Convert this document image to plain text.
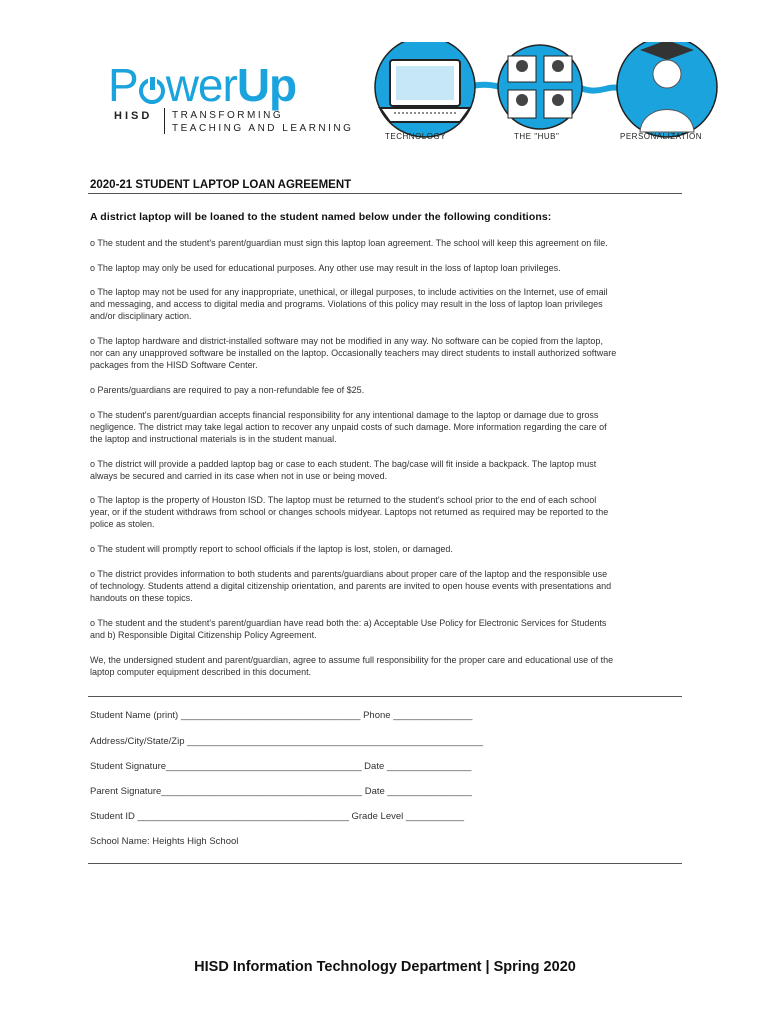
P werUp
HISD TRANSFORMING
TEACHING AND LEARNING
TECHNOLOGY	THE "HUB"	PERSONALIZATION
2020-21 STUDENT LAPTOP LOAN AGREEMENT
A district laptop will be loaned to the student named below under the following conditions:
o The student and the student's parent/guardian must sign this laptop loan agreement. The school will keep this agreement on file.
o The laptop may only be used for educational purposes. Any other use may result in the loss of laptop loan privileges.
o The laptop may not be used for any inappropriate, unethical, or illegal purposes, to include activities on the Internet, use of email
and messaging, and access to digital media and programs. Violations of this policy may result in the loss of laptop loan privileges
and/or disciplinary action.
o The laptop hardware and district-installed software may not be modified in any way. No software can be copied from the laptop,
nor can any unapproved software be installed on the laptop. Occasionally teachers may direct students to install authorized software
packages from the HISD Software Center.
o Parents/guardians are required to pay a non-refundable fee of $25.
o The student's parent/guardian accepts financial responsibility for any intentional damage to the laptop or damage due to gross
negligence. The district may take legal action to recover any unpaid costs of such damage. More information regarding the care of
the laptop and instructional materials is in the student manual.
o The district will provide a padded laptop bag or case to each student. The bag/case will fit inside a backpack. The laptop must
always be secured and carried in its case when not in use or being moved.
o The laptop is the property of Houston ISD. The laptop must be returned to the student's school prior to the end of each school
year, or if the student withdraws from school or changes schools midyear. Laptops not returned as required may be reported to the
police as stolen.
o The student will promptly report to school officials if the laptop is lost, stolen, or damaged.
o The district provides information to both students and parents/guardians about proper care of the laptop and the responsible use
of technology. Students attend a digital citizenship orientation, and parents are invited to open house events with presentations and
handouts on these topics.
o The student and the student's parent/guardian have read both the: a) Acceptable Use Policy for Electronic Services for Students
and b) Responsible Digital Citizenship Policy Agreement.
We, the undersigned student and parent/guardian, agree to assume full responsibility for the proper care and educational use of the
laptop computer equipment described in this document.
Student Name (print) __________________________________ Phone _______________
Address/City/State/Zip ________________________________________________________
Student Signature_____________________________________ Date ________________
Parent Signature______________________________________ Date ________________
Student ID ________________________________________ Grade Level ___________
School Name: Heights High School
HISD Information Technology Department | Spring 2020
